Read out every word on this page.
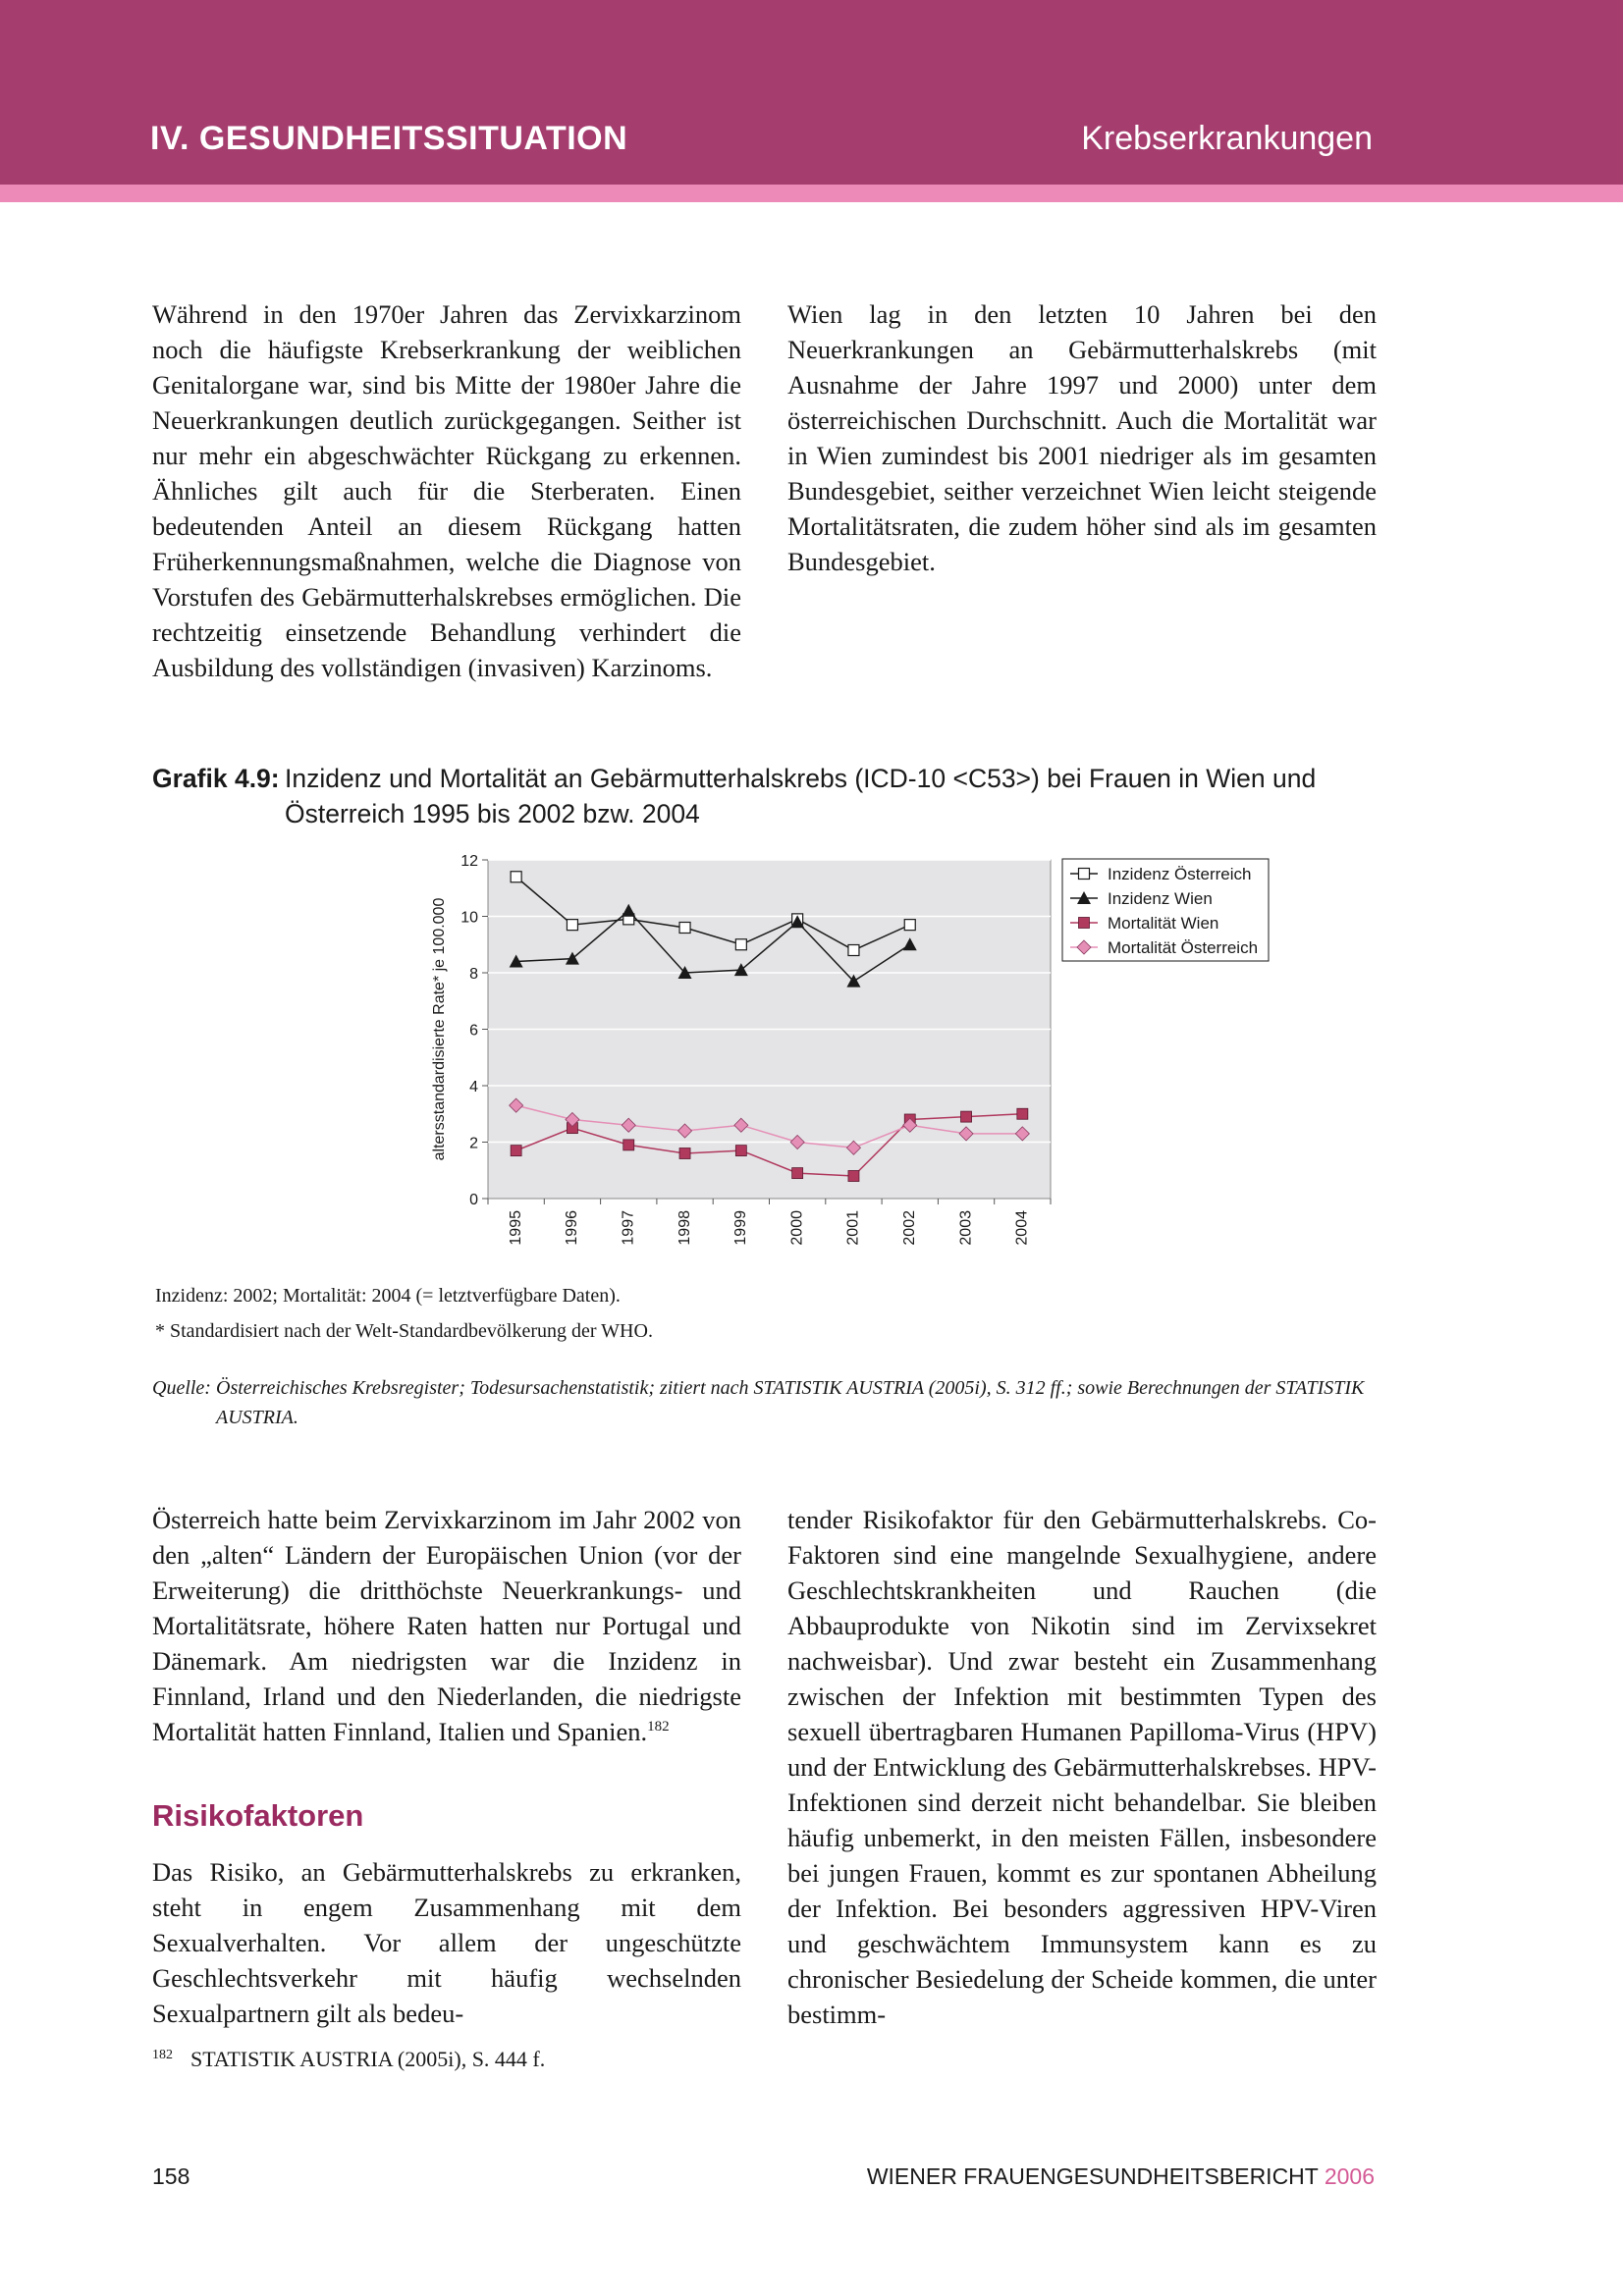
IV. GESUNDHEITSSITUATION	Krebserkrankungen

Während in den 1970er Jahren das Zervixkarzinom noch die häufigste Krebserkrankung der weiblichen Genitalorgane war, sind bis Mitte der 1980er Jahre die Neuerkrankungen deutlich zurückgegangen. Seither ist nur mehr ein abgeschwächter Rückgang zu erkennen. Ähnliches gilt auch für die Sterberaten. Einen bedeutenden Anteil an diesem Rückgang hatten Früherkennungsmaßnahmen, welche die Diagnose von Vorstufen des Gebärmutterhalskrebses ermöglichen. Die rechtzeitig einsetzende Behandlung verhindert die Ausbildung des vollständigen (invasiven) Karzinoms.

Wien lag in den letzten 10 Jahren bei den Neuerkrankungen an Gebärmutterhalskrebs (mit Ausnahme der Jahre 1997 und 2000) unter dem österreichischen Durchschnitt. Auch die Mortalität war in Wien zumindest bis 2001 niedriger als im gesamten Bundesgebiet, seither verzeichnet Wien leicht steigende Mortalitätsraten, die zudem höher sind als im gesamten Bundesgebiet.

Grafik 4.9: Inzidenz und Mortalität an Gebärmutterhalskrebs (ICD-10 <C53>) bei Frauen in Wien und Österreich 1995 bis 2002 bzw. 2004
0
2
4
6
8
10
12
1995	1996	1997	1998	1999	2000	2001	2002	2003	2004
Inzidenz Österreich
Inzidenz Wien
Mortalität Wien
Mortalität Österreich
altersstandardisierte Rate* je 100.000
Inzidenz: 2002; Mortalität: 2004 (= letztverfügbare Daten).
* Standardisiert nach der Welt-Standardbevölkerung der WHO.
Quelle: Österreichisches Krebsregister; Todesursachenstatistik; zitiert nach STATISTIK AUSTRIA (2005i), S. 312 ff.; sowie Berechnungen der STATISTIK AUSTRIA.

Österreich hatte beim Zervixkarzinom im Jahr 2002 von den „alten“ Ländern der Europäischen Union (vor der Erweiterung) die dritthöchste Neuerkrankungs- und Mortalitätsrate, höhere Raten hatten nur Portugal und Dänemark. Am niedrigsten war die Inzidenz in Finnland, Irland und den Niederlanden, die niedrigste Mortalität hatten Finnland, Italien und Spanien.$^{182}$

Risikofaktoren

Das Risiko, an Gebärmutterhalskrebs zu erkranken, steht in engem Zusammenhang mit dem Sexualverhalten. Vor allem der ungeschützte Geschlechtsverkehr mit häufig wechselnden Sexualpartnern gilt als bedeu-

tender Risikofaktor für den Gebärmutterhalskrebs. Co-Faktoren sind eine mangelnde Sexualhygiene, andere Geschlechtskrankheiten und Rauchen (die Abbauprodukte von Nikotin sind im Zervixsekret nachweisbar). Und zwar besteht ein Zusammenhang zwischen der Infektion mit bestimmten Typen des sexuell übertragbaren Humanen Papilloma-Virus (HPV) und der Entwicklung des Gebärmutterhalskrebses. HPV-Infektionen sind derzeit nicht behandelbar. Sie bleiben häufig unbemerkt, in den meisten Fällen, insbesondere bei jungen Frauen, kommt es zur spontanen Abheilung der Infektion. Bei besonders aggressiven HPV-Viren und geschwächtem Immunsystem kann es zu chronischer Besiedelung der Scheide kommen, die unter bestimm-

$^{182}$ STATISTIK AUSTRIA (2005i), S. 444 f.
158	WIENER FRAUENGESUNDHEITSBERICHT 2006
